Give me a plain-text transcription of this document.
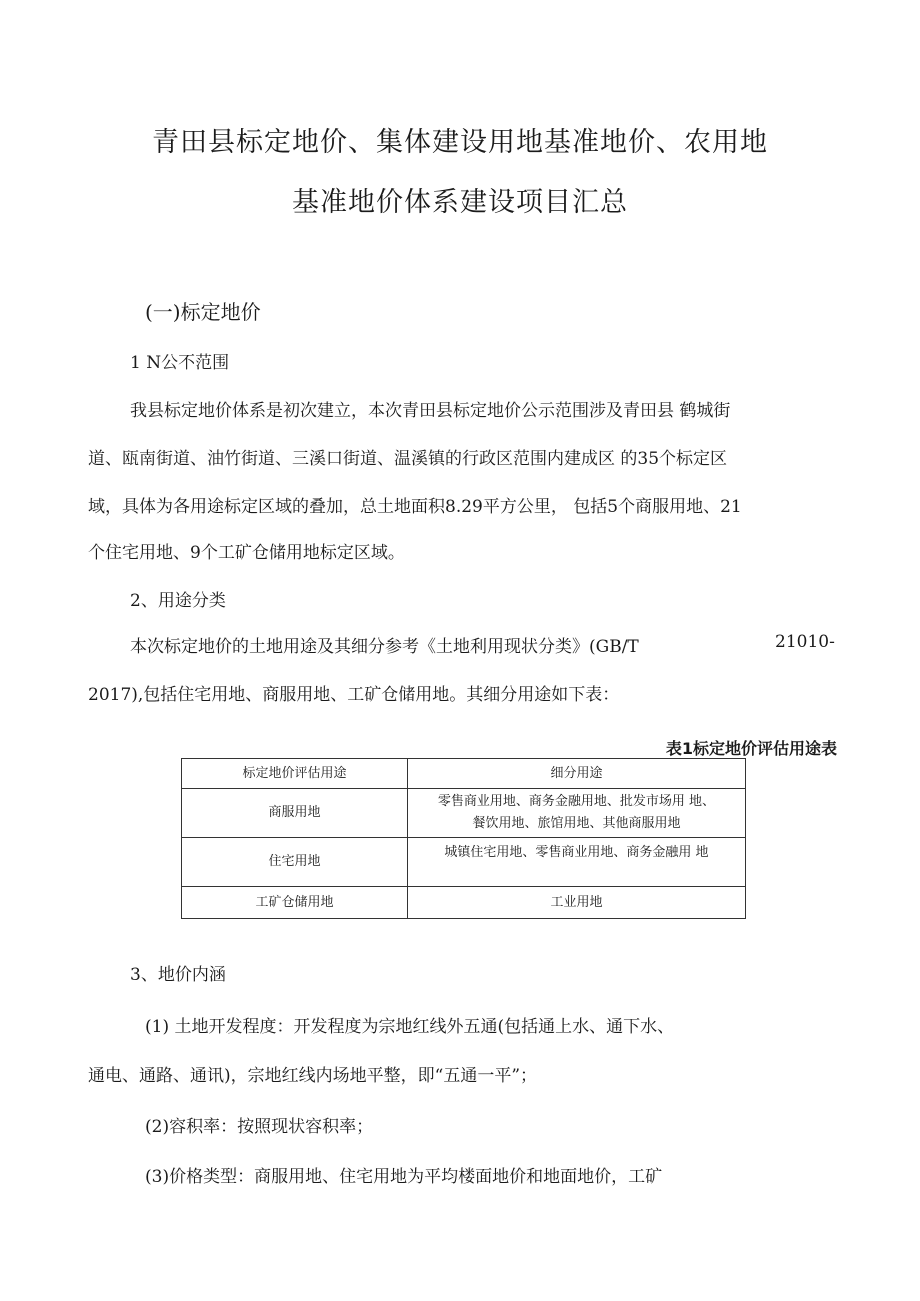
青田县标定地价、集体建设用地基准地价、农用地
基准地价体系建设项目汇总
(一)标定地价
1 N公不范围
我县标定地价体系是初次建立，本次青田县标定地价公示范围涉及青田县 鹤城街
道、瓯南街道、油竹街道、三溪口街道、温溪镇的行政区范围内建成区 的35个标定区
域，具体为各用途标定区域的叠加，总土地面积8.29平方公里， 包括5个商服用地、21
个住宅用地、9个工矿仓储用地标定区域。
2、用途分类
本次标定地价的土地用途及其细分参考《土地利用现状分类》(GB/T	21010-
2017),包括住宅用地、商服用地、工矿仓储用地。其细分用途如下表：
表1标定地价评估用途表
标定地价评估用途	细分用途
商服用地	零售商业用地、商务金融用地、批发市场用 地、
餐饮用地、旅馆用地、其他商服用地

住宅用地	城镇住宅用地、零售商业用地、商务金融用 地

工矿仓储用地	工业用地
3、地价内涵
(1) 土地开发程度：开发程度为宗地红线外五通(包括通上水、通下水、
通电、通路、通讯)，宗地红线内场地平整，即“五通一平”；
(2)容积率：按照现状容积率；
(3)价格类型：商服用地、住宅用地为平均楼面地价和地面地价，工矿
